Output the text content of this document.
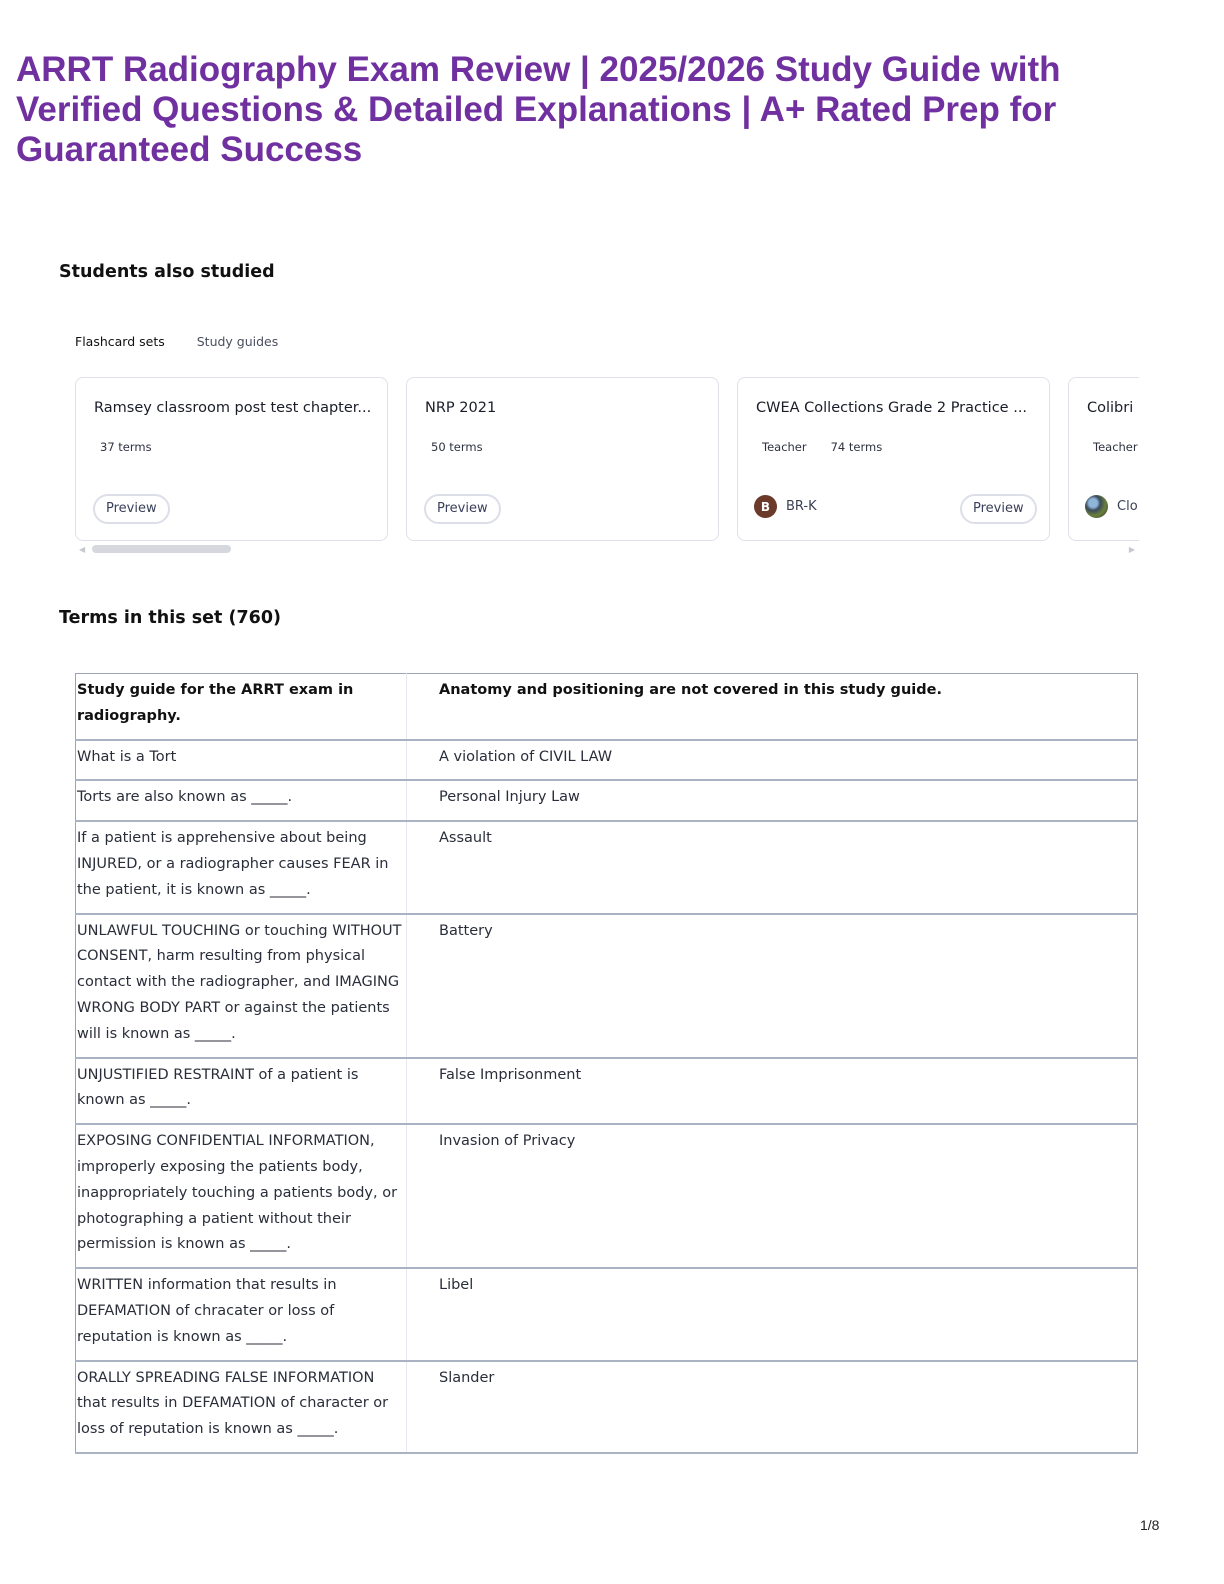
ARRT Radiography Exam Review | 2025/2026 Study Guide with Verified Questions & Detailed Explanations | A+ Rated Prep for Guaranteed Success
Students also studied
Flashcard sets	Study guides
Ramsey classroom post test chapter...
37 terms
Preview
NRP 2021
50 terms
Preview
CWEA Collections Grade 2 Practice ...
Teacher 74 terms
B	BR-K	Preview
Colibri
Teacher
Clo
◀	▶
Terms in this set (760)
Study guide for the ARRT exam in radiography.	Anatomy and positioning are not covered in this study guide.
What is a Tort	A violation of CIVIL LAW
Torts are also known as _____.	Personal Injury Law
If a patient is apprehensive about being INJURED, or a radiographer causes FEAR in the patient, it is known as _____.	Assault
UNLAWFUL TOUCHING or touching WITHOUT CONSENT, harm resulting from physical contact with the radiographer, and IMAGING WRONG BODY PART or against the patients will is known as _____.	Battery
UNJUSTIFIED RESTRAINT of a patient is known as _____.	False Imprisonment
EXPOSING CONFIDENTIAL INFORMATION, improperly exposing the patients body, inappropriately touching a patients body, or photographing a patient without their permission is known as _____.	Invasion of Privacy
WRITTEN information that results in DEFAMATION of chracater or loss of reputation is known as _____.	Libel
ORALLY SPREADING FALSE INFORMATION that results in DEFAMATION of character or loss of reputation is known as _____.	Slander
1/8
